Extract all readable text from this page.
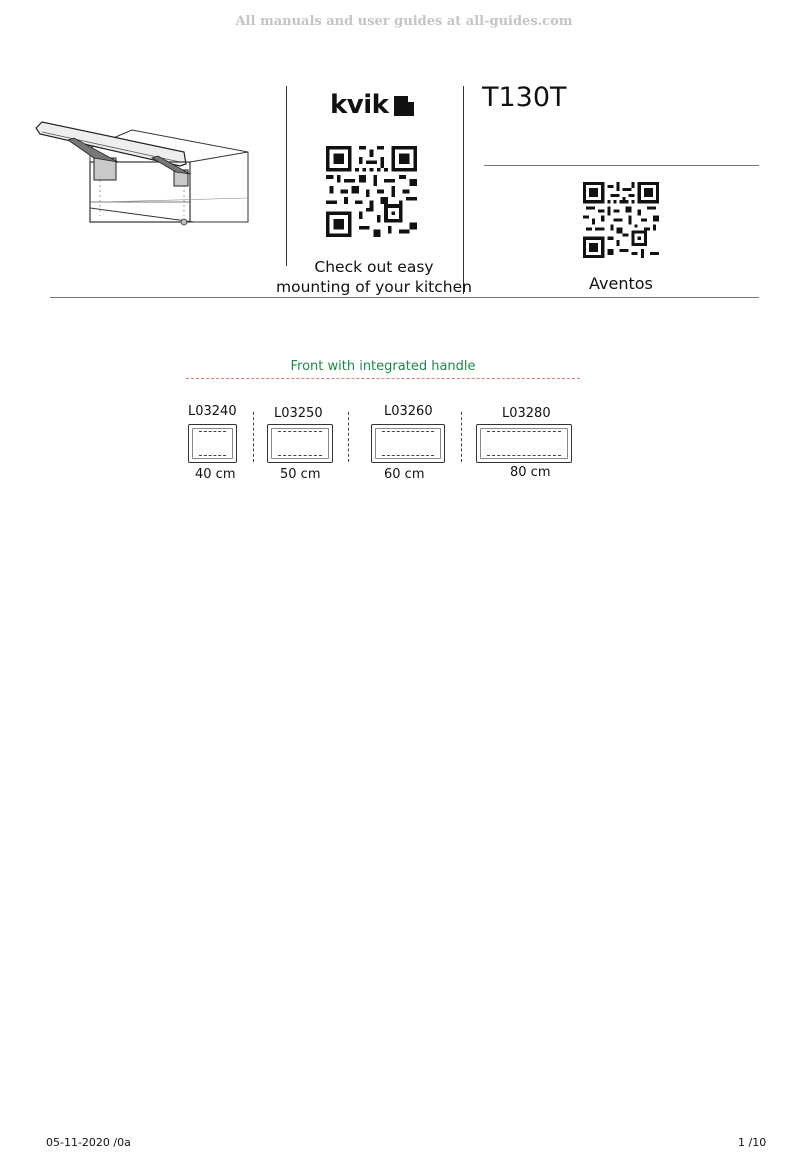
All manuals and user guides at all-guides.com
kvik
Check out easy
mounting of your kitchen
T130T
Aventos
Front with integrated handle
L03240
40 cm
L03250
50 cm
L03260
60 cm
L03280
80 cm
05-11-2020 /0a	1 /10
